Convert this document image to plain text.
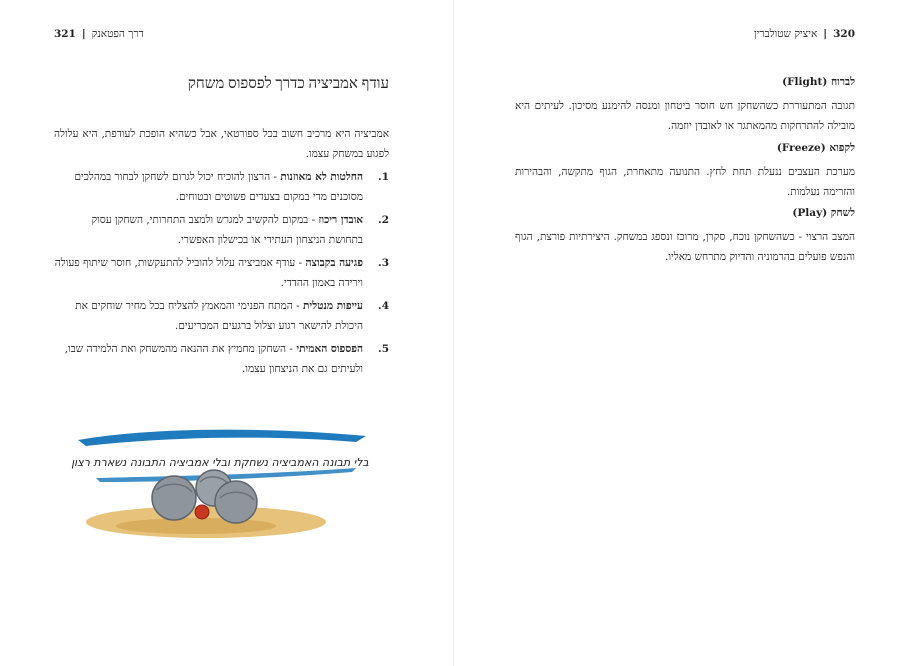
דרך הפטאנק
|
321
עודף אמביציה כדרך לפספוס משחק
אמביציה היא מרכיב חשוב בכל ספורטאי, אבל כשהיא הופכת לעודפת, היא עלולה לפגוע במשחק עצמו.
1.
החלטות לא מאוזנות - הרצון להוכיח יכול לגרום לשחקן לבחור במהלכים מסוכנים מדי במקום בצעדים פשוטים ובטוחים.
2.
אובדן ריכוז - במקום להקשיב למגרש ולמצב התחרותי, השחקן עסוק בתחושת הניצחון העתידי או בכישלון האפשרי.
3.
פגיעה בקבוצה - עודף אמביציה עלול להוביל להתעקשות, חוסר שיתוף פעולה וירידה באמון ההדדי.
4.
עייפות מנטלית - המתח הפנימי והמאמץ להצליח בכל מחיר שוחקים את היכולת להישאר רגוע וצלול ברגעים המכריעים.
5.
הפספוס האמיתי - השחקן מחמיץ את ההנאה מהמשחק ואת הלמידה שבו, ולעיתים גם את הניצחון עצמו.
בלי תבונה האמביציה נשחקת ובלי אמביציה התבונה נשארת רצון
320
|
איציק שטולברין
לברוח (Flight)
תגובה המתעוררת כשהשחקן חש חוסר ביטחון ומנסה להימנע מסיכון. לעיתים היא מובילה להתרחקות מהמאתגר או לאובדן יוזמה.
לקפוא (Freeze)
מערכת העצבים ננעלת תחת לחץ. התנועה מתאחרת, הגוף מתקשה, והבהירות והזרימה נעלמות.
לשחק (Play)
המצב הרצוי - כשהשחקן נוכח, סקרן, מרוכז ונספג במשחק. היצירתיות פורצת, הגוף והנפש פועלים בהרמוניה והדיוק מתרחש מאליו.
